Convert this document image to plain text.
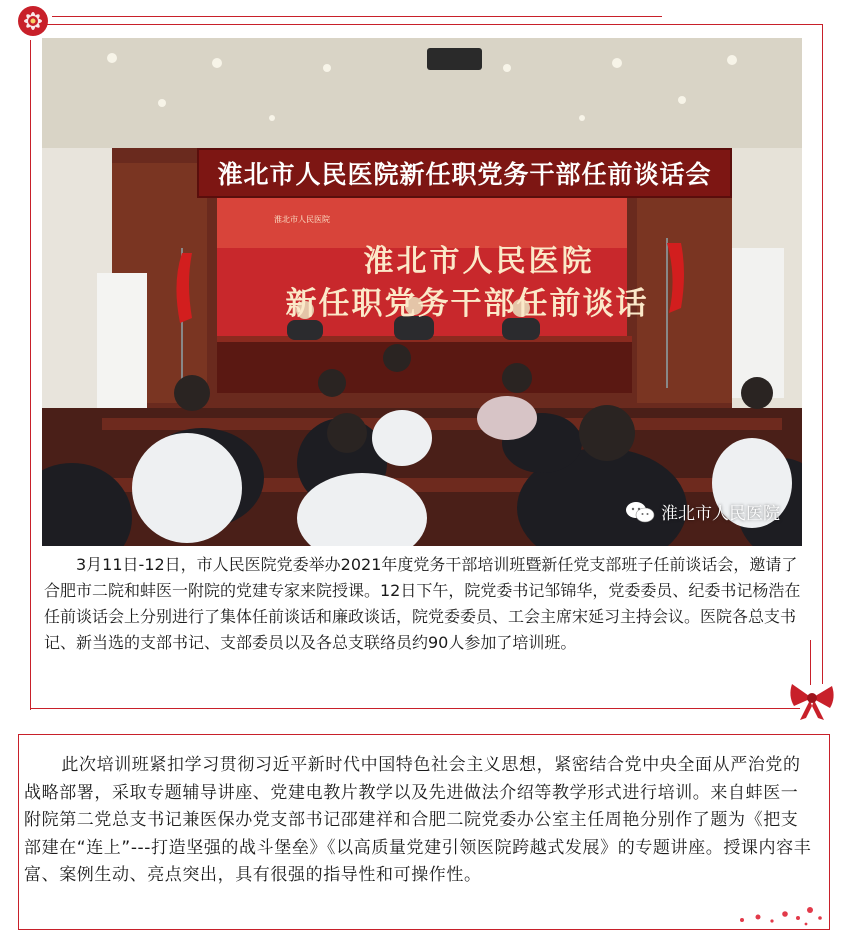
淮北市人民医院新任职党务干部任前谈话会
淮北市人民医院
淮北市人民医院
新任职党务干部任前谈话
淮北市人民医院

3月11日-12日，市人民医院党委举办2021年度党务干部培训班暨新任党支部班子任前谈话会，邀请了合肥市二院和蚌医一附院的党建专家来院授课。12日下午，院党委书记邹锦华，党委委员、纪委书记杨浩在任前谈话会上分别进行了集体任前谈话和廉政谈话，院党委委员、工会主席宋延习主持会议。医院各总支书记、新当选的支部书记、支部委员以及各总支联络员约90人参加了培训班。

此次培训班紧扣学习贯彻习近平新时代中国特色社会主义思想，紧密结合党中央全面从严治党的战略部署，采取专题辅导讲座、党建电教片教学以及先进做法介绍等教学形式进行培训。来自蚌医一附院第二党总支书记兼医保办党支部书记邵建祥和合肥二院党委办公室主任周艳分别作了题为《把支部建在“连上”---打造坚强的战斗堡垒》《以高质量党建引领医院跨越式发展》的专题讲座。授课内容丰富、案例生动、亮点突出，具有很强的指导性和可操作性。
